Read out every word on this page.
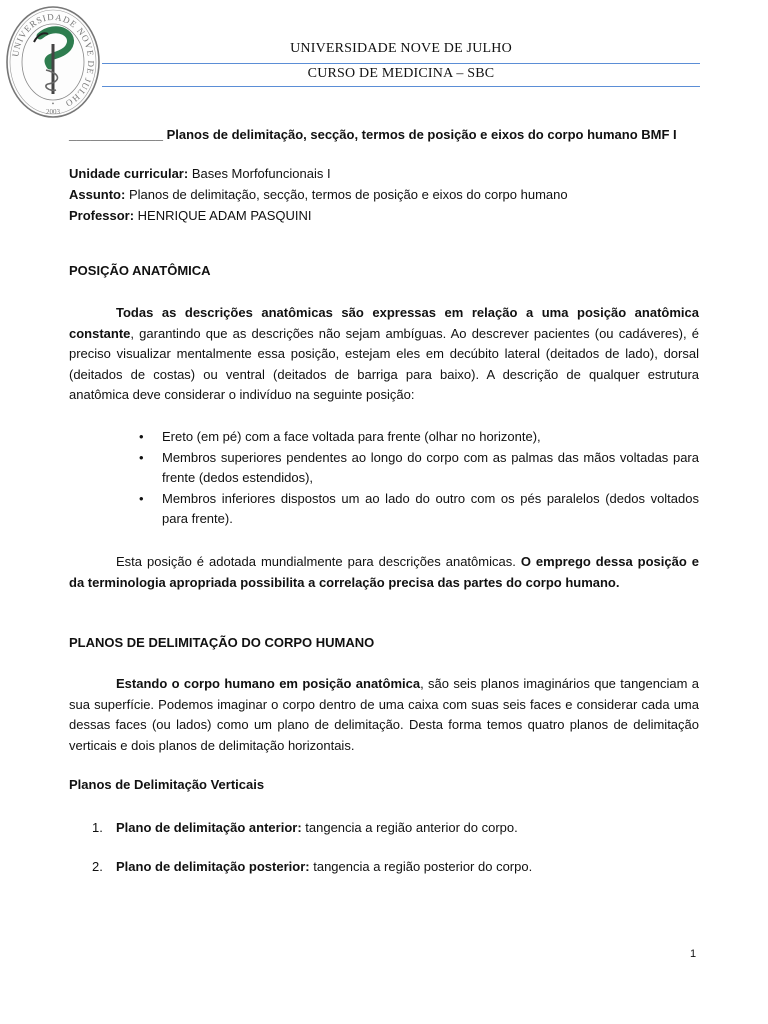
UNIVERSIDADE NOVE DE JULHO
•
2003
UNIVERSIDADE NOVE DE JULHO
CURSO DE MEDICINA – SBC
_____________ Planos de delimitação, secção, termos de posição e eixos do corpo humano BMF I
Unidade curricular: Bases Morfofuncionais I
Assunto: Planos de delimitação, secção, termos de posição e eixos do corpo humano
Professor: HENRIQUE ADAM PASQUINI
POSIÇÃO ANATÔMICA
Todas as descrições anatômicas são expressas em relação a uma posição anatômica constante, garantindo que as descrições não sejam ambíguas. Ao descrever pacientes (ou cadáveres), é preciso visualizar mentalmente essa posição, estejam eles em decúbito lateral (deitados de lado), dorsal (deitados de costas) ou ventral (deitados de barriga para baixo). A descrição de qualquer estrutura anatômica deve considerar o indivíduo na seguinte posição:
• Ereto (em pé) com a face voltada para frente (olhar no horizonte),
• Membros superiores pendentes ao longo do corpo com as palmas das mãos voltadas para frente (dedos estendidos),
• Membros inferiores dispostos um ao lado do outro com os pés paralelos (dedos voltados para frente).
Esta posição é adotada mundialmente para descrições anatômicas. O emprego dessa posição e da terminologia apropriada possibilita a correlação precisa das partes do corpo humano.
PLANOS DE DELIMITAÇÃO DO CORPO HUMANO
Estando o corpo humano em posição anatômica, são seis planos imaginários que tangenciam a sua superfície. Podemos imaginar o corpo dentro de uma caixa com suas seis faces e considerar cada uma dessas faces (ou lados) como um plano de delimitação. Desta forma temos quatro planos de delimitação verticais e dois planos de delimitação horizontais.
Planos de Delimitação Verticais
1.	Plano de delimitação anterior: tangencia a região anterior do corpo.
2.	Plano de delimitação posterior: tangencia a região posterior do corpo.
1
